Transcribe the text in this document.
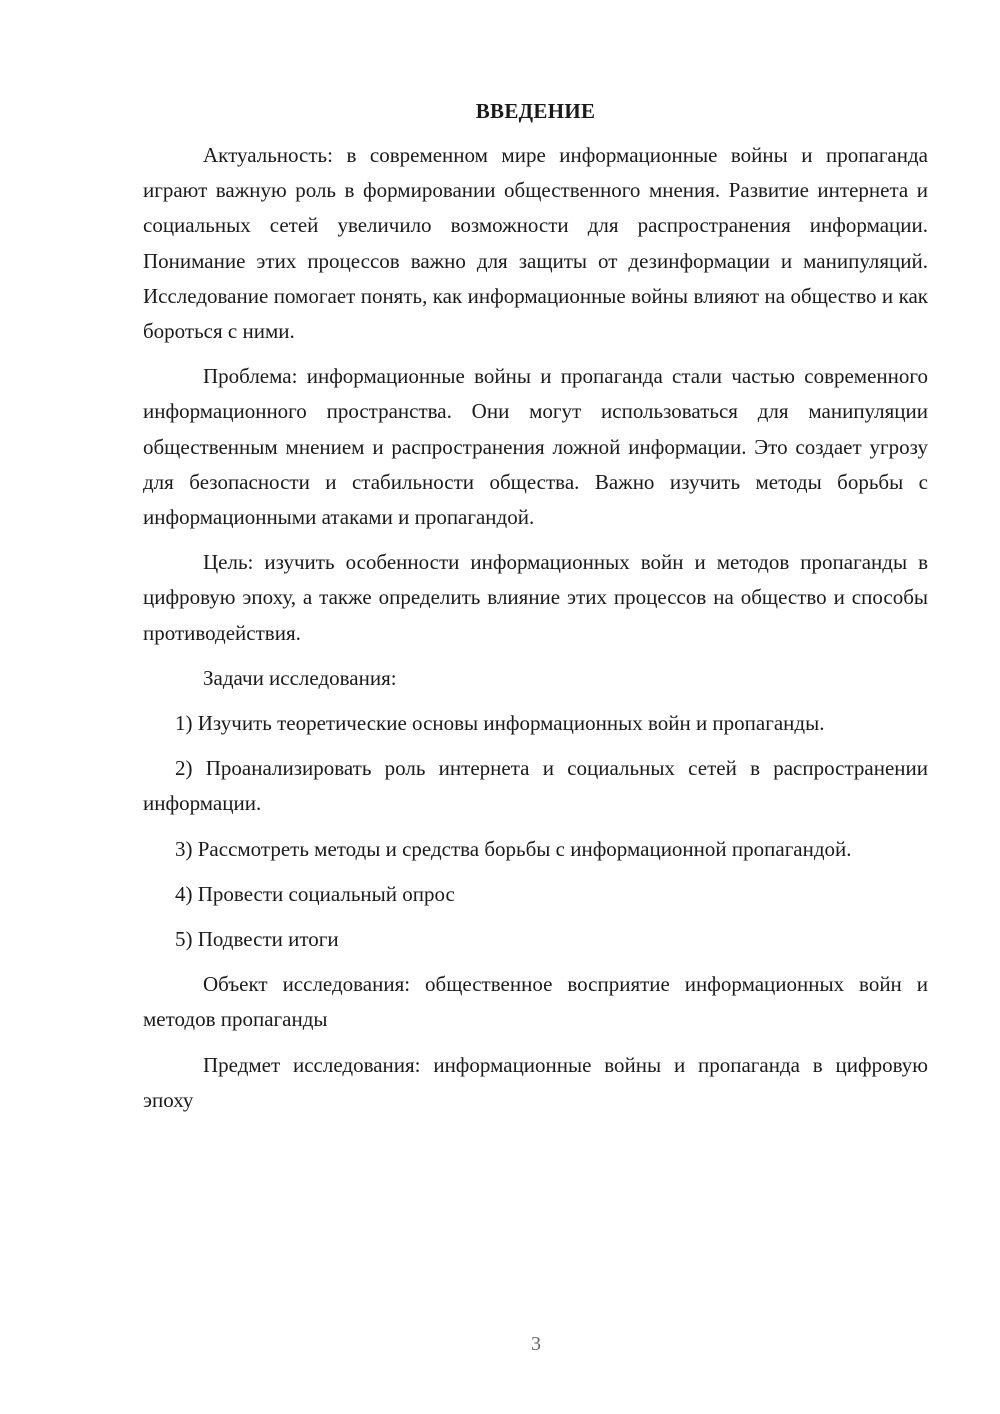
ВВЕДЕНИЕ

Актуальность: в современном мире информационные войны и пропаганда играют важную роль в формировании общественного мнения. Развитие интернета и социальных сетей увеличило возможности для распространения информации. Понимание этих процессов важно для защиты от дезинформации и манипуляций. Исследование помогает понять, как информационные войны влияют на общество и как бороться с ними.

Проблема: информационные войны и пропаганда стали частью современного информационного пространства. Они могут использоваться для манипуляции общественным мнением и распространения ложной информации. Это создает угрозу для безопасности и стабильности общества. Важно изучить методы борьбы с информационными атаками и пропагандой.

Цель: изучить особенности информационных войн и методов пропаганды в цифровую эпоху, а также определить влияние этих процессов на общество и способы противодействия.

Задачи исследования:

1) Изучить теоретические основы информационных войн и пропаганды.

2) Проанализировать роль интернета и социальных сетей в распространении информации.

3) Рассмотреть методы и средства борьбы с информационной пропагандой.

4) Провести социальный опрос

5) Подвести итоги

Объект исследования: общественное восприятие информационных войн и методов пропаганды

Предмет исследования: информационные войны и пропаганда в цифровую эпоху

3
